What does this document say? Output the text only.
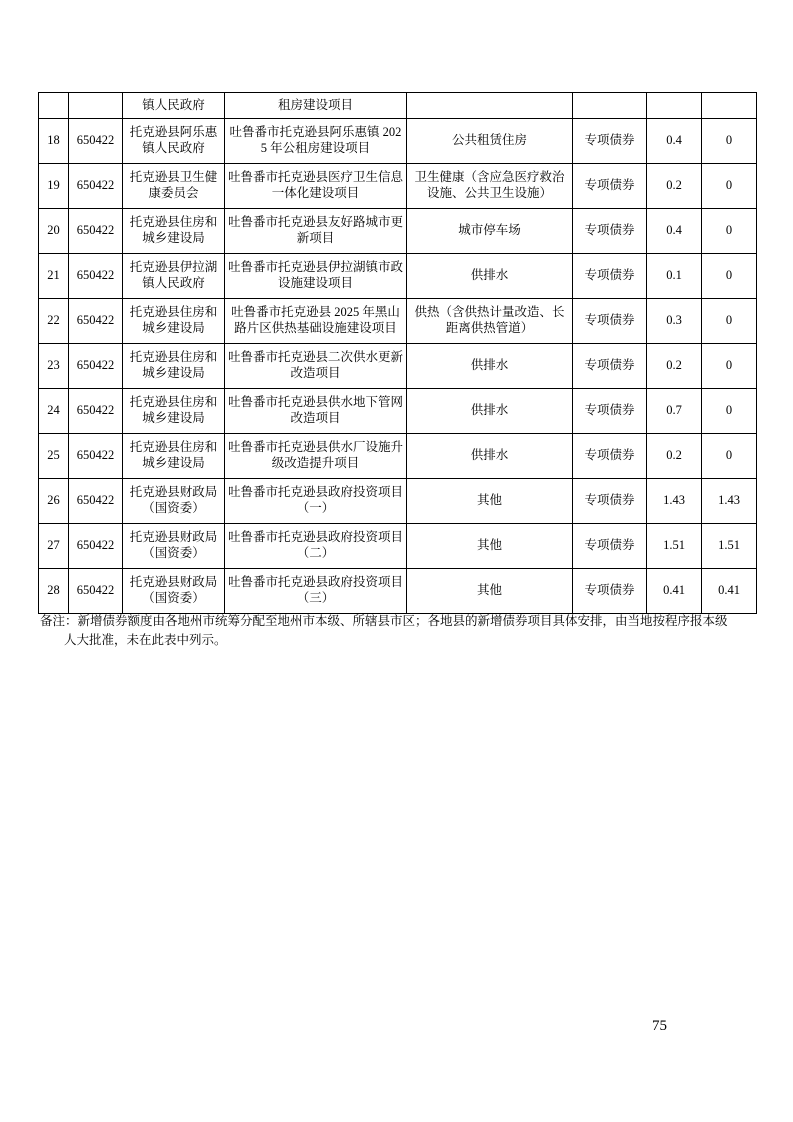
		镇人民政府	租房建设项目				
18	650422	托克逊县阿乐惠镇人民政府	吐鲁番市托克逊县阿乐惠镇 2025 年公租房建设项目	公共租赁住房	专项债券	0.4	0
19	650422	托克逊县卫生健康委员会	吐鲁番市托克逊县医疗卫生信息一体化建设项目	卫生健康（含应急医疗救治设施、公共卫生设施）	专项债券	0.2	0
20	650422	托克逊县住房和城乡建设局	吐鲁番市托克逊县友好路城市更新项目	城市停车场	专项债券	0.4	0
21	650422	托克逊县伊拉湖镇人民政府	吐鲁番市托克逊县伊拉湖镇市政设施建设项目	供排水	专项债券	0.1	0
22	650422	托克逊县住房和城乡建设局	吐鲁番市托克逊县 2025 年黑山路片区供热基础设施建设项目	供热（含供热计量改造、长距离供热管道）	专项债券	0.3	0
23	650422	托克逊县住房和城乡建设局	吐鲁番市托克逊县二次供水更新改造项目	供排水	专项债券	0.2	0
24	650422	托克逊县住房和城乡建设局	吐鲁番市托克逊县供水地下管网改造项目	供排水	专项债券	0.7	0
25	650422	托克逊县住房和城乡建设局	吐鲁番市托克逊县供水厂设施升级改造提升项目	供排水	专项债券	0.2	0
26	650422	托克逊县财政局（国资委）	吐鲁番市托克逊县政府投资项目（一）	其他	专项债券	1.43	1.43
27	650422	托克逊县财政局（国资委）	吐鲁番市托克逊县政府投资项目（二）	其他	专项债券	1.51	1.51
28	650422	托克逊县财政局（国资委）	吐鲁番市托克逊县政府投资项目（三）	其他	专项债券	0.41	0.41
备注：新增债券额度由各地州市统筹分配至地州市本级、所辖县市区；各地县的新增债券项目具体安排，由当地按程序报本级
人大批准，未在此表中列示。
75
